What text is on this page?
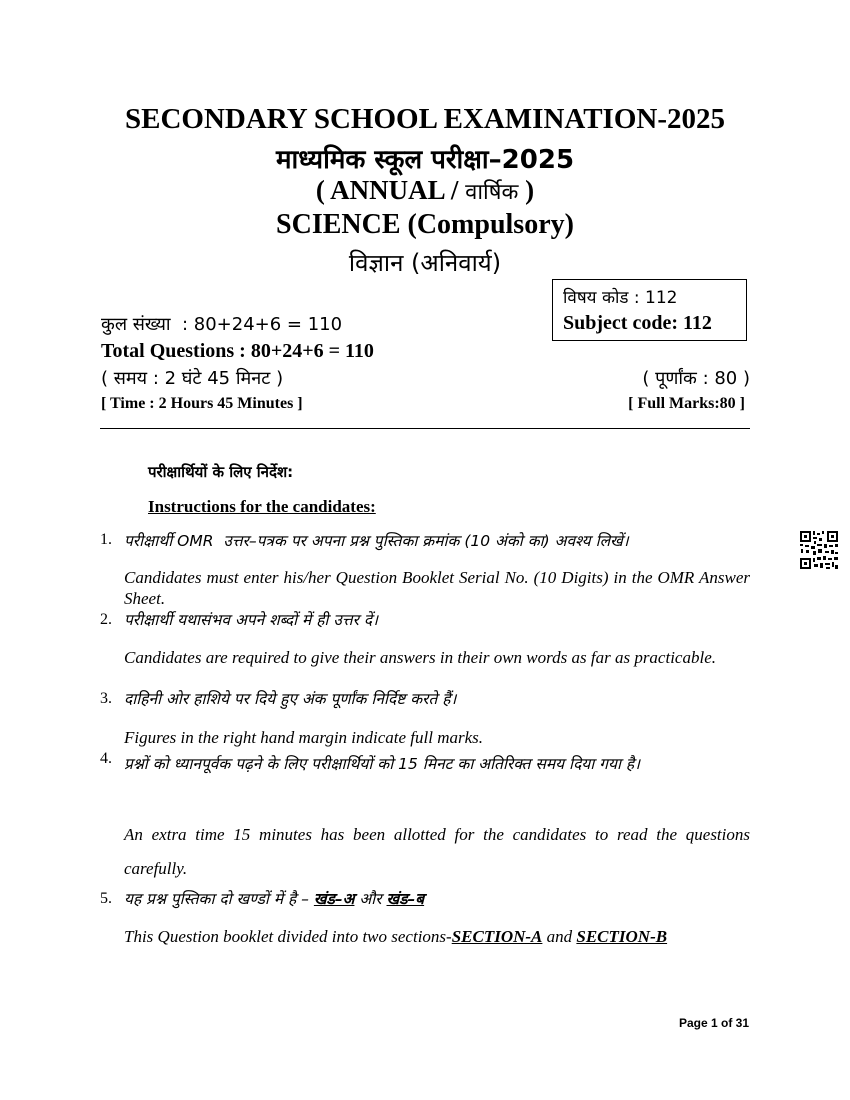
SECONDARY SCHOOL EXAMINATION-2025
माध्यमिक स्कूल परीक्षा–2025
( ANNUAL / वार्षिक )
SCIENCE (Compulsory)
विज्ञान (अनिवार्य)
विषय कोड : 112
Subject code: 112
कुल संख्या  : 80+24+6 = 110
Total Questions : 80+24+6 = 110
( समय : 2 घंटे 45 मिनट )	( पूर्णांक : 80 )
[ Time : 2 Hours 45 Minutes ]	[ Full Marks:80 ]
परीक्षार्थियों के लिए निर्देश:
Instructions for the candidates:
1. परीक्षार्थी OMR  उत्तर–पत्रक पर अपना प्रश्न पुस्तिका क्रमांक (10 अंको का) अवश्य लिखें।
Candidates must enter his/her Question Booklet Serial No. (10 Digits) in the OMR Answer Sheet.
2. परीक्षार्थी यथासंभव अपने शब्दों में ही उत्तर दें।
Candidates are required to give their answers in their own words as far as practicable.
3. दाहिनी ओर हाशिये पर दिये हुए अंक पूर्णांक निर्दिष्ट करते हैं।
Figures in the right hand margin indicate full marks.
4. प्रश्नों को ध्यानपूर्वक पढ़ने के लिए परीक्षार्थियों को 15 मिनट का अतिरिक्त समय दिया गया है।
An extra time 15 minutes has been allotted for the candidates to read the questions carefully.
5. यह प्रश्न पुस्तिका दो खण्डों में है – खंड–अ और खंड–ब
This Question booklet divided into two sections-SECTION-A and SECTION-B
Page 1 of 31
